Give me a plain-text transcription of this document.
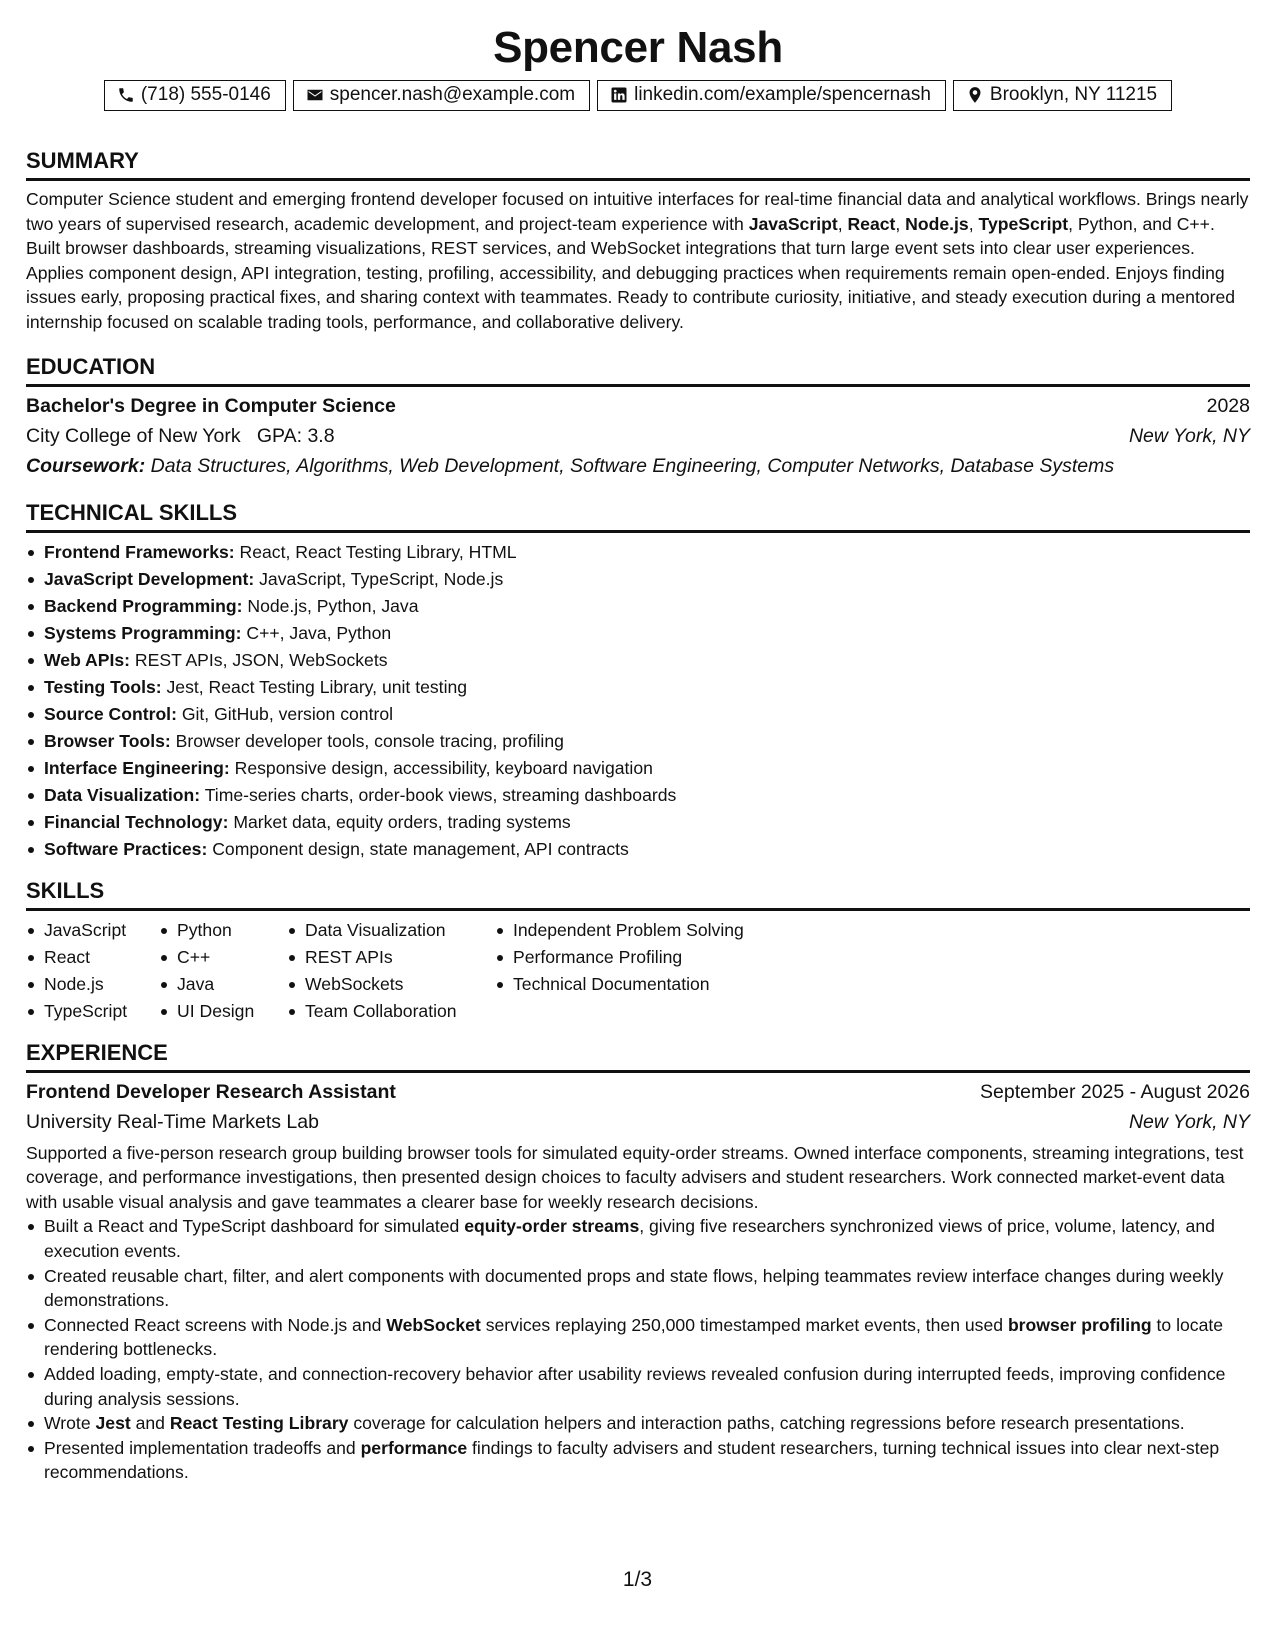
Spencer Nash
(718) 555-0146	spencer.nash@example.com	linkedin.com/example/spencernash	Brooklyn, NY 11215
SUMMARY
Computer Science student and emerging frontend developer focused on intuitive interfaces for real-time financial data and analytical workflows. Brings nearly two years of supervised research, academic development, and project-team experience with JavaScript, React, Node.js, TypeScript, Python, and C++. Built browser dashboards, streaming visualizations, REST services, and WebSocket integrations that turn large event sets into clear user experiences. Applies component design, API integration, testing, profiling, accessibility, and debugging practices when requirements remain open-ended. Enjoys finding issues early, proposing practical fixes, and sharing context with teammates. Ready to contribute curiosity, initiative, and steady execution during a mentored internship focused on scalable trading tools, performance, and collaborative delivery.
EDUCATION
Bachelor's Degree in Computer Science	2028
City College of New York GPA: 3.8	New York, NY
Coursework: Data Structures, Algorithms, Web Development, Software Engineering, Computer Networks, Database Systems
TECHNICAL SKILLS
Frontend Frameworks: React, React Testing Library, HTML
JavaScript Development: JavaScript, TypeScript, Node.js
Backend Programming: Node.js, Python, Java
Systems Programming: C++, Java, Python
Web APIs: REST APIs, JSON, WebSockets
Testing Tools: Jest, React Testing Library, unit testing
Source Control: Git, GitHub, version control
Browser Tools: Browser developer tools, console tracing, profiling
Interface Engineering: Responsive design, accessibility, keyboard navigation
Data Visualization: Time-series charts, order-book views, streaming dashboards
Financial Technology: Market data, equity orders, trading systems
Software Practices: Component design, state management, API contracts
SKILLS
JavaScript
React
Node.js
TypeScript
Python
C++
Java
UI Design
Data Visualization
REST APIs
WebSockets
Team Collaboration
Independent Problem Solving
Performance Profiling
Technical Documentation
EXPERIENCE
Frontend Developer Research Assistant	September 2025 - August 2026
University Real-Time Markets Lab	New York, NY
Supported a five-person research group building browser tools for simulated equity-order streams. Owned interface components, streaming integrations, test coverage, and performance investigations, then presented design choices to faculty advisers and student researchers. Work connected market-event data with usable visual analysis and gave teammates a clearer base for weekly research decisions.
Built a React and TypeScript dashboard for simulated equity-order streams, giving five researchers synchronized views of price, volume, latency, and execution events.
Created reusable chart, filter, and alert components with documented props and state flows, helping teammates review interface changes during weekly demonstrations.
Connected React screens with Node.js and WebSocket services replaying 250,000 timestamped market events, then used browser profiling to locate rendering bottlenecks.
Added loading, empty-state, and connection-recovery behavior after usability reviews revealed confusion during interrupted feeds, improving confidence during analysis sessions.
Wrote Jest and React Testing Library coverage for calculation helpers and interaction paths, catching regressions before research presentations.
Presented implementation tradeoffs and performance findings to faculty advisers and student researchers, turning technical issues into clear next-step recommendations.
1/3
